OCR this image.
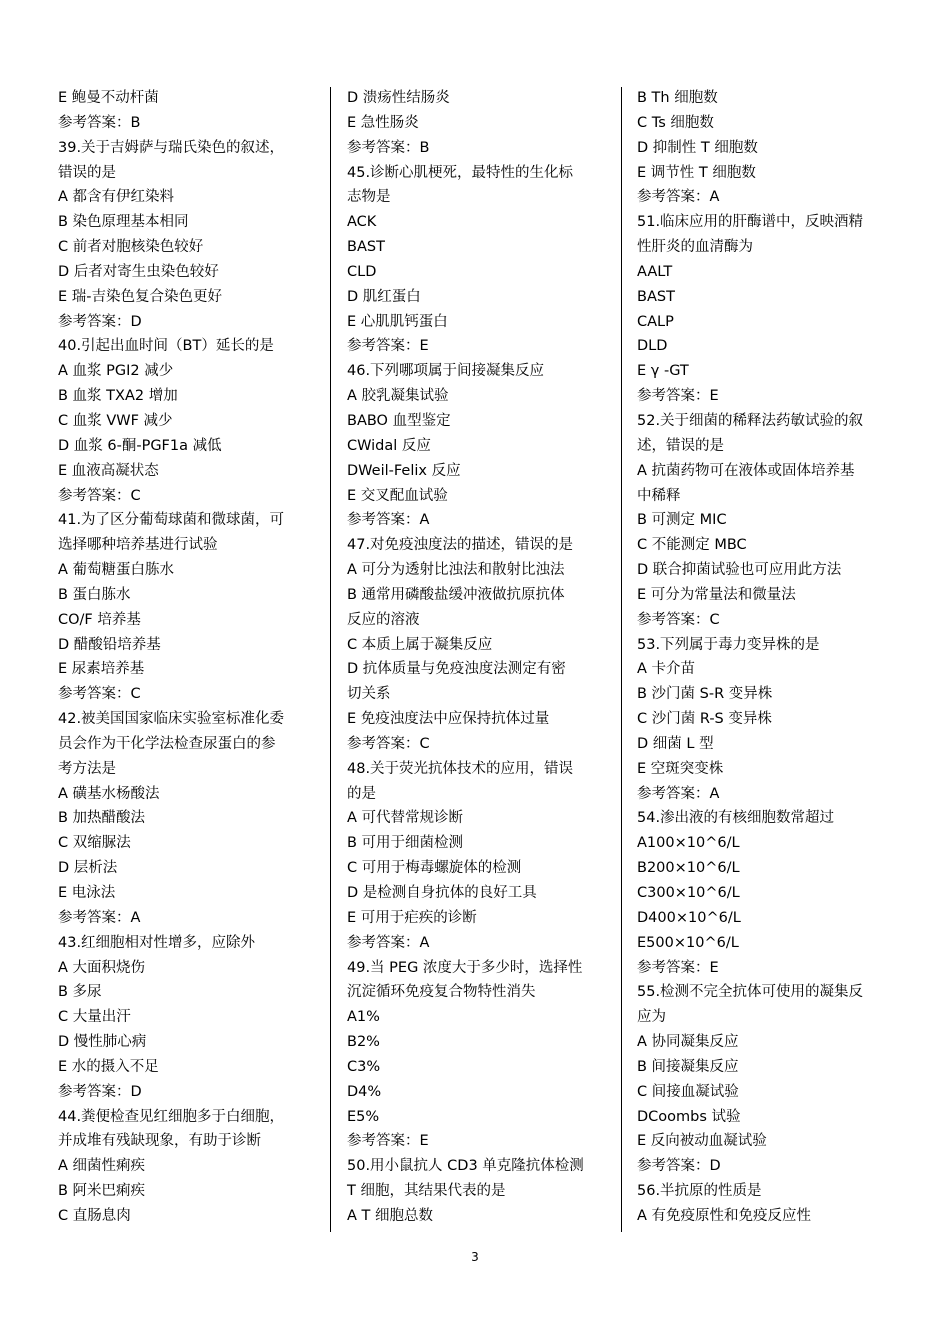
E 鲍曼不动杆菌
参考答案：B
39.关于吉姆萨与瑞氏染色的叙述，
错误的是
A 都含有伊红染料
B 染色原理基本相同
C 前者对胞核染色较好
D 后者对寄生虫染色较好
E 瑞-吉染色复合染色更好
参考答案：D
40.引起出血时间（BT）延长的是
A 血浆 PGI2 减少
B 血浆 TXA2 增加
C 血浆 VWF 减少
D 血浆 6-酮-PGF1a 减低
E 血液高凝状态
参考答案：C
41.为了区分葡萄球菌和微球菌，可
选择哪种培养基进行试验
A 葡萄糖蛋白胨水
B 蛋白胨水
CO/F 培养基
D 醋酸铅培养基
E 尿素培养基
参考答案：C
42.被美国国家临床实验室标准化委
员会作为干化学法检查尿蛋白的参
考方法是
A 磺基水杨酸法
B 加热醋酸法
C 双缩脲法
D 层析法
E 电泳法
参考答案：A
43.红细胞相对性增多，应除外
A 大面积烧伤
B 多尿
C 大量出汗
D 慢性肺心病
E 水的摄入不足
参考答案：D
44.粪便检查见红细胞多于白细胞，
并成堆有残缺现象，有助于诊断
A 细菌性痢疾
B 阿米巴痢疾
C 直肠息肉
D 溃疡性结肠炎
E 急性肠炎
参考答案：B
45.诊断心肌梗死，最特性的生化标
志物是
ACK
BAST
CLD
D 肌红蛋白
E 心肌肌钙蛋白
参考答案：E
46.下列哪项属于间接凝集反应
A 胶乳凝集试验
BABO 血型鉴定
CWidal 反应
DWeil-Felix 反应
E 交叉配血试验
参考答案：A
47.对免疫浊度法的描述，错误的是
A 可分为透射比浊法和散射比浊法
B 通常用磷酸盐缓冲液做抗原抗体
反应的溶液
C 本质上属于凝集反应
D 抗体质量与免疫浊度法测定有密
切关系
E 免疫浊度法中应保持抗体过量
参考答案：C
48.关于荧光抗体技术的应用，错误
的是
A 可代替常规诊断
B 可用于细菌检测
C 可用于梅毒螺旋体的检测
D 是检测自身抗体的良好工具
E 可用于疟疾的诊断
参考答案：A
49.当 PEG 浓度大于多少时，选择性
沉淀循环免疫复合物特性消失
A1%
B2%
C3%
D4%
E5%
参考答案：E
50.用小鼠抗人 CD3 单克隆抗体检测
T 细胞，其结果代表的是
A T 细胞总数
B Th 细胞数
C Ts 细胞数
D 抑制性 T 细胞数
E 调节性 T 细胞数
参考答案：A
51.临床应用的肝酶谱中，反映酒精
性肝炎的血清酶为
AALT
BAST
CALP
DLD
E γ -GT
参考答案：E
52.关于细菌的稀释法药敏试验的叙
述，错误的是
A 抗菌药物可在液体或固体培养基
中稀释
B 可测定 MIC
C 不能测定 MBC
D 联合抑菌试验也可应用此方法
E 可分为常量法和微量法
参考答案：C
53.下列属于毒力变异株的是
A 卡介苗
B 沙门菌 S-R 变异株
C 沙门菌 R-S 变异株
D 细菌 L 型
E 空斑突变株
参考答案：A
54.渗出液的有核细胞数常超过
A100×10^6/L
B200×10^6/L
C300×10^6/L
D400×10^6/L
E500×10^6/L
参考答案：E
55.检测不完全抗体可使用的凝集反
应为
A 协同凝集反应
B 间接凝集反应
C 间接血凝试验
DCoombs 试验
E 反向被动血凝试验
参考答案：D
56.半抗原的性质是
A 有免疫原性和免疫反应性
3
